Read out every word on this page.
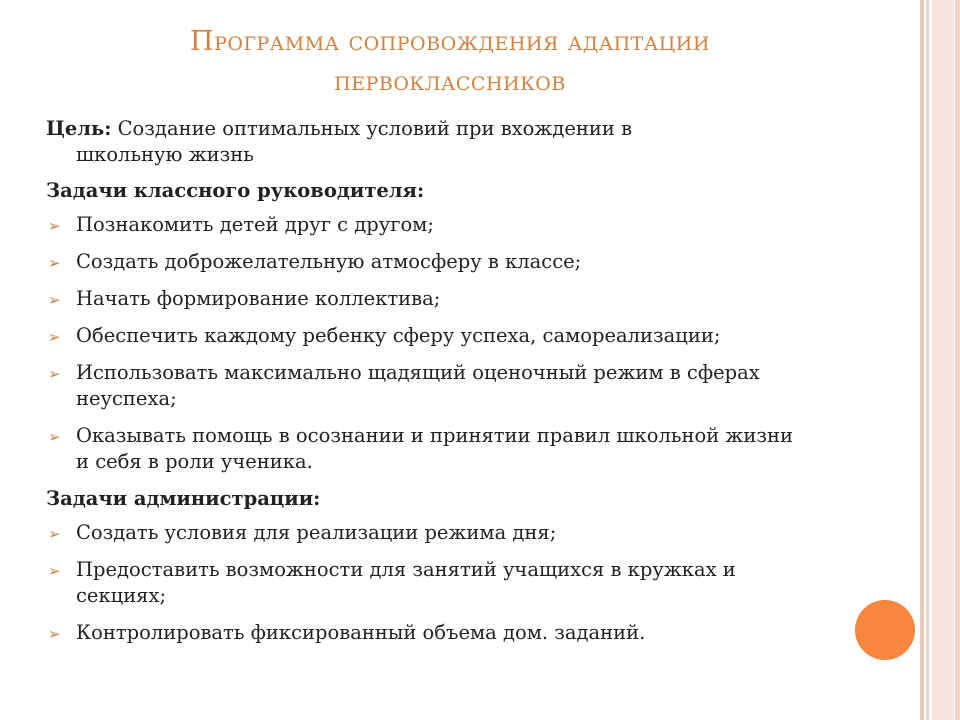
Программа сопровождения адаптации
первоклассников
Цель: Создание оптимальных условий при вхождении в
школьную жизнь
Задачи классного руководителя:
➢ Познакомить детей друг с другом;
➢ Создать доброжелательную атмосферу в классе;
➢ Начать формирование коллектива;
➢ Обеспечить каждому ребенку сферу успеха, самореализации;
➢ Использовать максимально щадящий оценочный режим в сферах неуспеха;
➢ Оказывать помощь в осознании и принятии правил школьной жизни и себя в роли ученика.
Задачи администрации:
➢ Создать условия для реализации режима дня;
➢ Предоставить возможности для занятий учащихся в кружках и секциях;
➢ Контролировать фиксированный объема дом. заданий.
